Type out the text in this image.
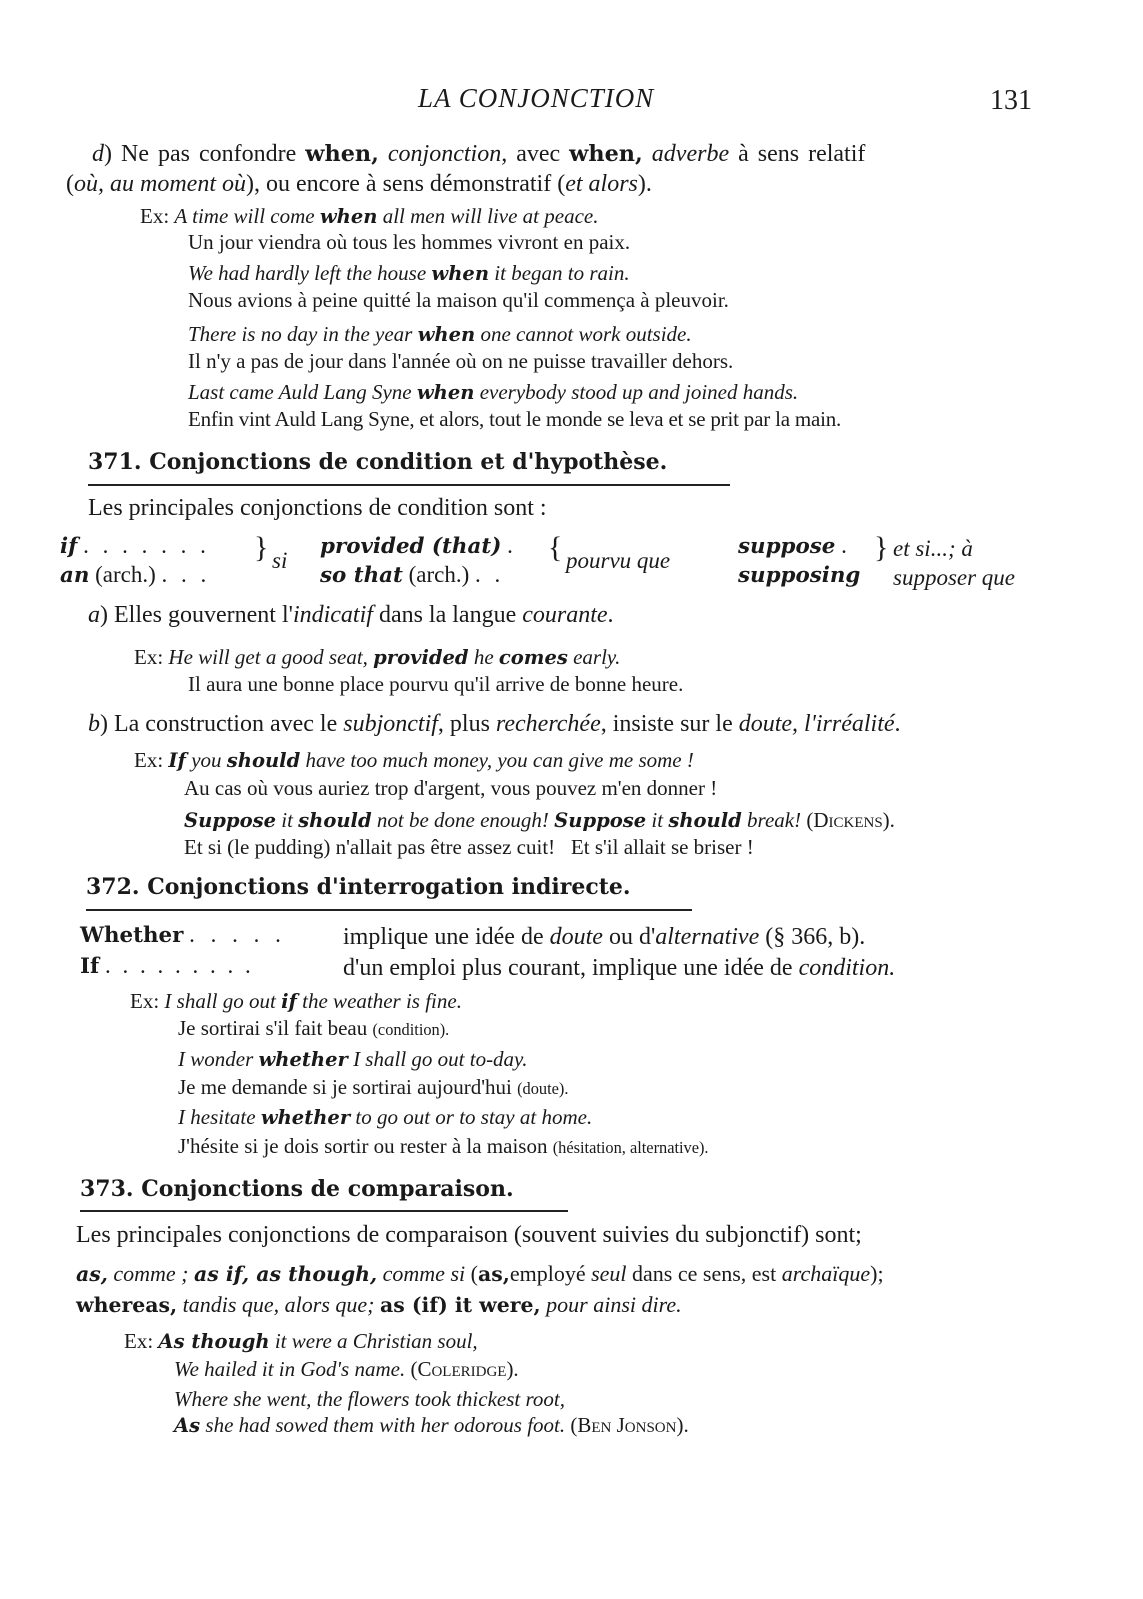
LA CONJONCTION	131
d) Ne pas confondre when, conjonction, avec when, adverbe à sens relatif
(où, au moment où), ou encore à sens démonstratif (et alors).
Ex: A time will come when all men will live at peace.
Un jour viendra où tous les hommes vivront en paix.
We had hardly left the house when it began to rain.
Nous avions à peine quitté la maison qu'il commença à pleuvoir.
There is no day in the year when one cannot work outside.
Il n'y a pas de jour dans l'année où on ne puisse travailler dehors.
Last came Auld Lang Syne when everybody stood up and joined hands.
Enfin vint Auld Lang Syne, et alors, tout le monde se leva et se prit par la main.
371. Conjonctions de condition et d'hypothèse.
Les principales conjonctions de condition sont :
if . . . . . . .
an (arch.) . . .
} si
provided (that) .
so that (arch.) . .
{ pourvu que
suppose .
supposing
} et si...; à
supposer que
a) Elles gouvernent l'indicatif dans la langue courante.
Ex: He will get a good seat, provided he comes early.
Il aura une bonne place pourvu qu'il arrive de bonne heure.
b) La construction avec le subjonctif, plus recherchée, insiste sur le doute, l'irréalité.
Ex: If you should have too much money, you can give me some !
Au cas où vous auriez trop d'argent, vous pouvez m'en donner !
Suppose it should not be done enough! Suppose it should break! (Dickens).
Et si (le pudding) n'allait pas être assez cuit! Et s'il allait se briser !
372. Conjonctions d'interrogation indirecte.
Whether . . . . . implique une idée de doute ou d'alternative (§ 366, b).
If . . . . . . . . .	d'un emploi plus courant, implique une idée de condition.
Ex: I shall go out if the weather is fine.
Je sortirai s'il fait beau (condition).
I wonder whether I shall go out to-day.
Je me demande si je sortirai aujourd'hui (doute).
I hesitate whether to go out or to stay at home.
J'hésite si je dois sortir ou rester à la maison (hésitation, alternative).
373. Conjonctions de comparaison.
Les principales conjonctions de comparaison (souvent suivies du subjonctif) sont;
as, comme ; as if, as though, comme si (as,employé seul dans ce sens, est archaïque);
whereas, tandis que, alors que; as (if) it were, pour ainsi dire.
Ex: As though it were a Christian soul,
We hailed it in God's name. (Coleridge).
Where she went, the flowers took thickest root,
As she had sowed them with her odorous foot. (Ben Jonson).
